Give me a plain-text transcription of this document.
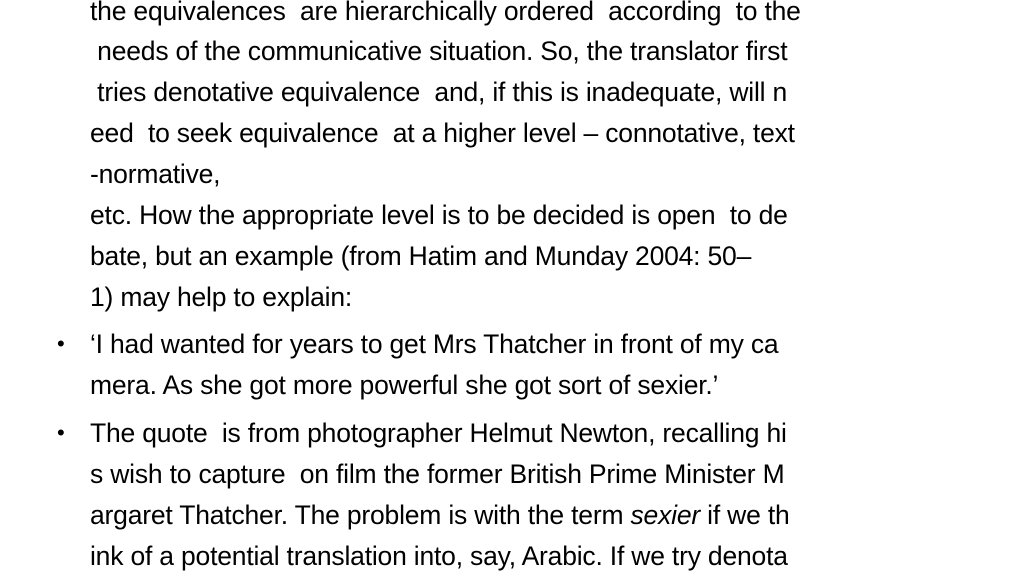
the equivalences  are hierarchically ordered  according  to the
needs of the communicative situation. So, the translator first
tries denotative equivalence  and, if this is inadequate, will n
eed  to seek equivalence  at a higher level – connotative, text
-normative,
etc. How the appropriate level is to be decided is open  to de
bate, but an example (from Hatim and Munday 2004: 50–
1) may help to explain:
• ‘I had wanted for years to get Mrs Thatcher in front of my ca
mera. As she got more powerful she got sort of sexier.’
• The quote  is from photographer Helmut Newton, recalling hi
s wish to capture  on film the former British Prime Minister M
argaret Thatcher. The problem is with the term sexier if we th
ink of a potential translation into, say, Arabic. If we try denota
